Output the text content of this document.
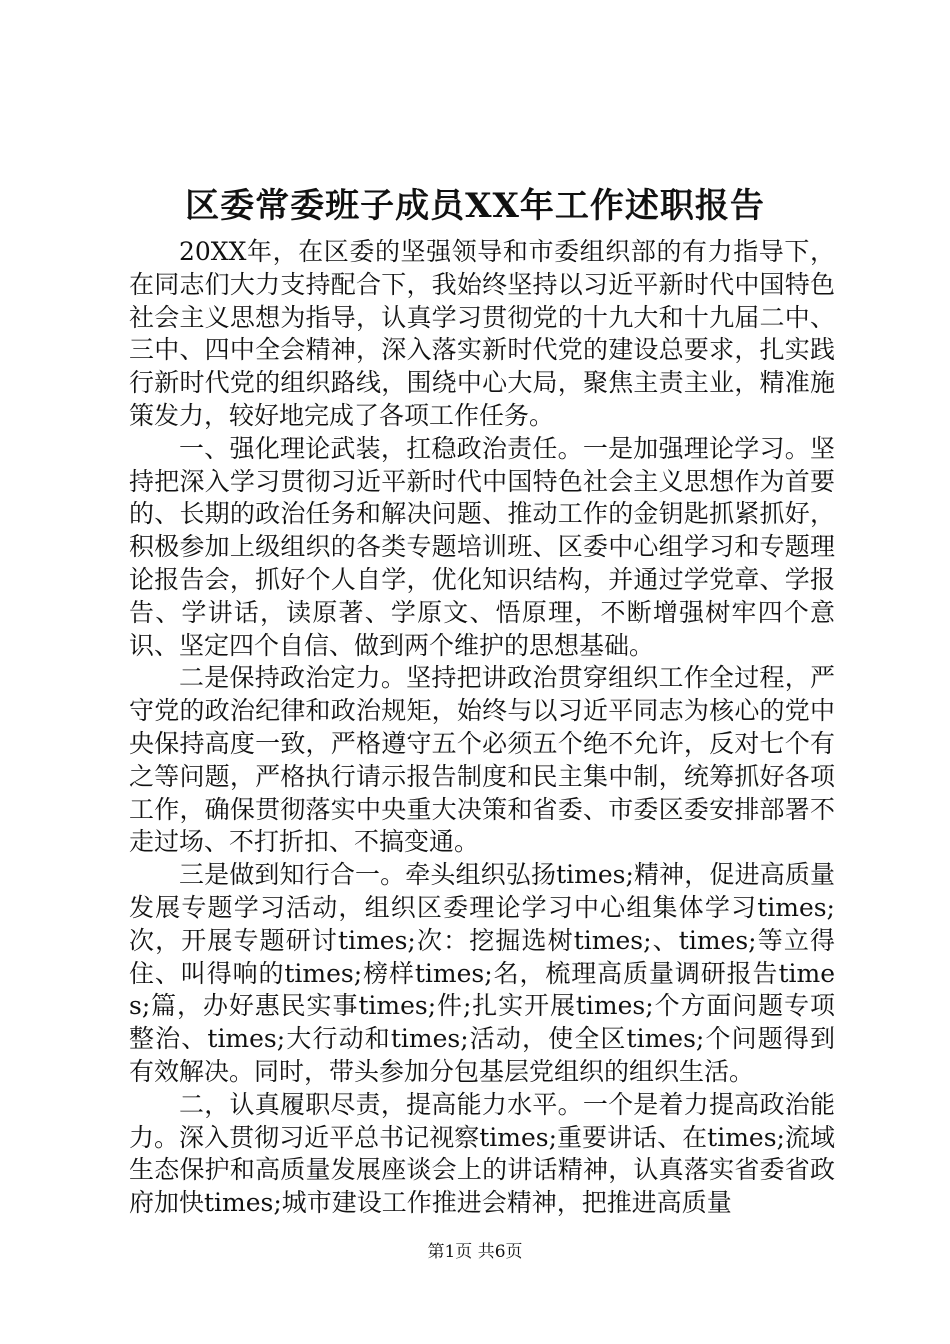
区委常委班子成员XX年工作述职报告

20XX年，在区委的坚强领导和市委组织部的有力指导下，在同志们大力支持配合下，我始终坚持以习近平新时代中国特色社会主义思想为指导，认真学习贯彻党的十九大和十九届二中、三中、四中全会精神，深入落实新时代党的建设总要求，扎实践行新时代党的组织路线，围绕中心大局，聚焦主责主业，精准施策发力，较好地完成了各项工作任务。

一、强化理论武装，扛稳政治责任。一是加强理论学习。坚持把深入学习贯彻习近平新时代中国特色社会主义思想作为首要的、长期的政治任务和解决问题、推动工作的金钥匙抓紧抓好，积极参加上级组织的各类专题培训班、区委中心组学习和专题理论报告会，抓好个人自学，优化知识结构，并通过学党章、学报告、学讲话，读原著、学原文、悟原理，不断增强树牢四个意识、坚定四个自信、做到两个维护的思想基础。

二是保持政治定力。坚持把讲政治贯穿组织工作全过程，严守党的政治纪律和政治规矩，始终与以习近平同志为核心的党中央保持高度一致，严格遵守五个必须五个绝不允许，反对七个有之等问题，严格执行请示报告制度和民主集中制，统筹抓好各项工作，确保贯彻落实中央重大决策和省委、市委区委安排部署不走过场、不打折扣、不搞变通。

三是做到知行合一。牵头组织弘扬times;精神，促进高质量发展专题学习活动，组织区委理论学习中心组集体学习times;次，开展专题研讨times;次：挖掘选树times;、times;等立得住、叫得响的times;榜样times;名，梳理高质量调研报告times;篇，办好惠民实事times;件;扎实开展times;个方面问题专项整治、times;大行动和times;活动，使全区times;个问题得到有效解决。同时，带头参加分包基层党组织的组织生活。

二，认真履职尽责，提高能力水平。一个是着力提高政治能力。深入贯彻习近平总书记视察times;重要讲话、在times;流域生态保护和高质量发展座谈会上的讲话精神，认真落实省委省政府加快times;城市建设工作推进会精神，把推进高质量

第1页 共6页
